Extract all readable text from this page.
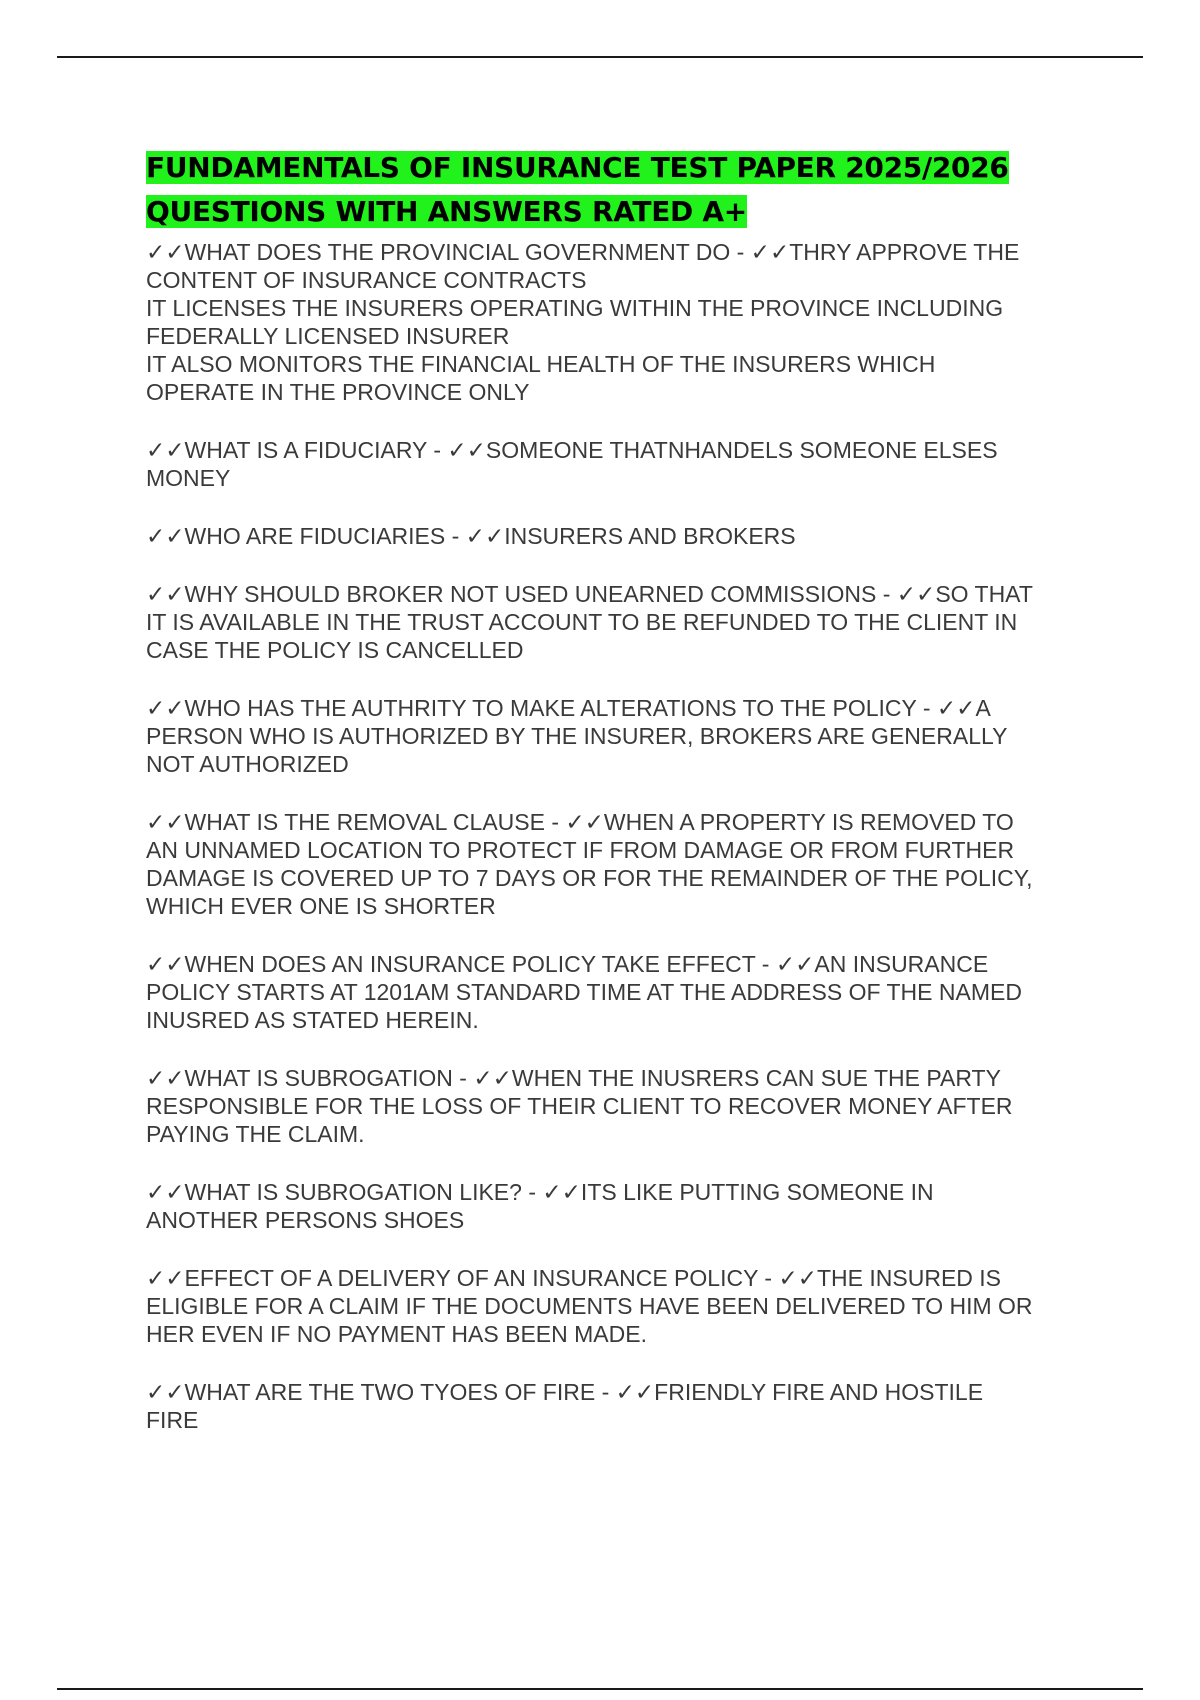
FUNDAMENTALS OF INSURANCE TEST PAPER 2025/2026
QUESTIONS WITH ANSWERS RATED A+

✓✓WHAT DOES THE PROVINCIAL GOVERNMENT DO - ✓✓THRY APPROVE THE
CONTENT OF INSURANCE CONTRACTS
IT LICENSES THE INSURERS OPERATING WITHIN THE PROVINCE INCLUDING
FEDERALLY LICENSED INSURER
IT ALSO MONITORS THE FINANCIAL HEALTH OF THE INSURERS WHICH
OPERATE IN THE PROVINCE ONLY

✓✓WHAT IS A FIDUCIARY - ✓✓SOMEONE THATNHANDELS SOMEONE ELSES
MONEY

✓✓WHO ARE FIDUCIARIES - ✓✓INSURERS AND BROKERS

✓✓WHY SHOULD BROKER NOT USED UNEARNED COMMISSIONS - ✓✓SO THAT
IT IS AVAILABLE IN THE TRUST ACCOUNT TO BE REFUNDED TO THE CLIENT IN
CASE THE POLICY IS CANCELLED

✓✓WHO HAS THE AUTHRITY TO MAKE ALTERATIONS TO THE POLICY - ✓✓A
PERSON WHO IS AUTHORIZED BY THE INSURER, BROKERS ARE GENERALLY
NOT AUTHORIZED

✓✓WHAT IS THE REMOVAL CLAUSE - ✓✓WHEN A PROPERTY IS REMOVED TO
AN UNNAMED LOCATION TO PROTECT IF FROM DAMAGE OR FROM FURTHER
DAMAGE IS COVERED UP TO 7 DAYS OR FOR THE REMAINDER OF THE POLICY,
WHICH EVER ONE IS SHORTER

✓✓WHEN DOES AN INSURANCE POLICY TAKE EFFECT - ✓✓AN INSURANCE
POLICY STARTS AT 1201AM STANDARD TIME AT THE ADDRESS OF THE NAMED
INUSRED AS STATED HEREIN.

✓✓WHAT IS SUBROGATION - ✓✓WHEN THE INUSRERS CAN SUE THE PARTY
RESPONSIBLE FOR THE LOSS OF THEIR CLIENT TO RECOVER MONEY AFTER
PAYING THE CLAIM.

✓✓WHAT IS SUBROGATION LIKE? - ✓✓ITS LIKE PUTTING SOMEONE IN
ANOTHER PERSONS SHOES

✓✓EFFECT OF A DELIVERY OF AN INSURANCE POLICY - ✓✓THE INSURED IS
ELIGIBLE FOR A CLAIM IF THE DOCUMENTS HAVE BEEN DELIVERED TO HIM OR
HER EVEN IF NO PAYMENT HAS BEEN MADE.

✓✓WHAT ARE THE TWO TYOES OF FIRE - ✓✓FRIENDLY FIRE AND HOSTILE
FIRE
